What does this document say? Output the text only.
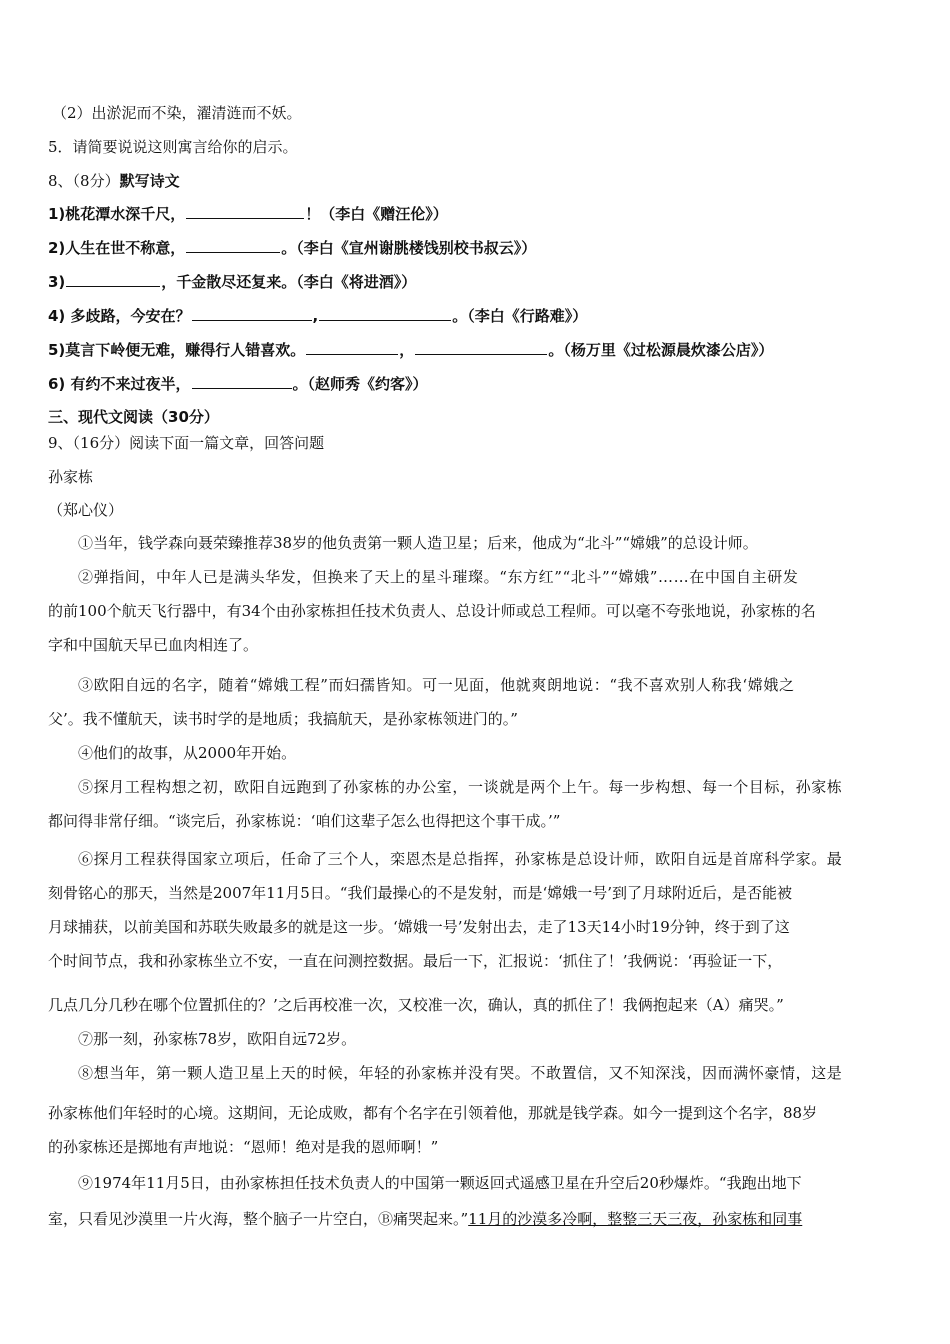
（2）出淤泥而不染，濯清涟而不妖。
5．请简要说说这则寓言给你的启示。
8、（8分）默写诗文
1)桃花潭水深千尺，	！（李白《赠汪伦》）
2)人生在世不称意，	。（李白《宣州谢朓楼饯别校书叔云》）
3)	，千金散尽还复来。（李白《将进酒》）
4) 多歧路，今安在？	,	。（李白《行路难》）
5)莫言下岭便无难，赚得行人错喜欢。	，	。（杨万里《过松源晨炊漆公店》）
6) 有约不来过夜半，	。（赵师秀《约客》）
三、现代文阅读（30分）
9、（16分）阅读下面一篇文章，回答问题
孙家栋
（郑心仪）
①当年，钱学森向聂荣臻推荐38岁的他负责第一颗人造卫星；后来，他成为“北斗”“嫦娥”的总设计师。
②弹指间，中年人已是满头华发，但换来了天上的星斗璀璨。“东方红”“北斗”“嫦娥”……在中国自主研发
的前100个航天飞行器中，有34个由孙家栋担任技术负责人、总设计师或总工程师。可以毫不夸张地说，孙家栋的名
字和中国航天早已血肉相连了。
③欧阳自远的名字，随着“嫦娥工程”而妇孺皆知。可一见面，他就爽朗地说：“我不喜欢别人称我‘嫦娥之
父’。我不懂航天，读书时学的是地质；我搞航天，是孙家栋领进门的。”
④他们的故事，从2000年开始。
⑤探月工程构想之初，欧阳自远跑到了孙家栋的办公室，一谈就是两个上午。每一步构想、每一个目标，孙家栋
都问得非常仔细。“谈完后，孙家栋说：‘咱们这辈子怎么也得把这个事干成。’”
⑥探月工程获得国家立项后，任命了三个人，栾恩杰是总指挥，孙家栋是总设计师，欧阳自远是首席科学家。最
刻骨铭心的那天，当然是2007年11月5日。“我们最操心的不是发射，而是‘嫦娥一号’到了月球附近后，是否能被
月球捕获，以前美国和苏联失败最多的就是这一步。‘嫦娥一号’发射出去，走了13天14小时19分钟，终于到了这
个时间节点，我和孙家栋坐立不安，一直在问测控数据。最后一下，汇报说：‘抓住了！’我俩说：‘再验证一下，
几点几分几秒在哪个位置抓住的？’之后再校准一次，又校准一次，确认，真的抓住了！我俩抱起来（A）痛哭。”
⑦那一刻，孙家栋78岁，欧阳自远72岁。
⑧想当年，第一颗人造卫星上天的时候，年轻的孙家栋并没有哭。不敢置信，又不知深浅，因而满怀豪情，这是
孙家栋他们年轻时的心境。这期间，无论成败，都有个名字在引领着他，那就是钱学森。如今一提到这个名字，88岁
的孙家栋还是掷地有声地说：“恩师！绝对是我的恩师啊！”
⑨1974年11月5日，由孙家栋担任技术负责人的中国第一颗返回式遥感卫星在升空后20秒爆炸。“我跑出地下
室，只看见沙漠里一片火海，整个脑子一片空白，Ⓑ痛哭起来。”11月的沙漠多冷啊，整整三天三夜，孙家栋和同事
